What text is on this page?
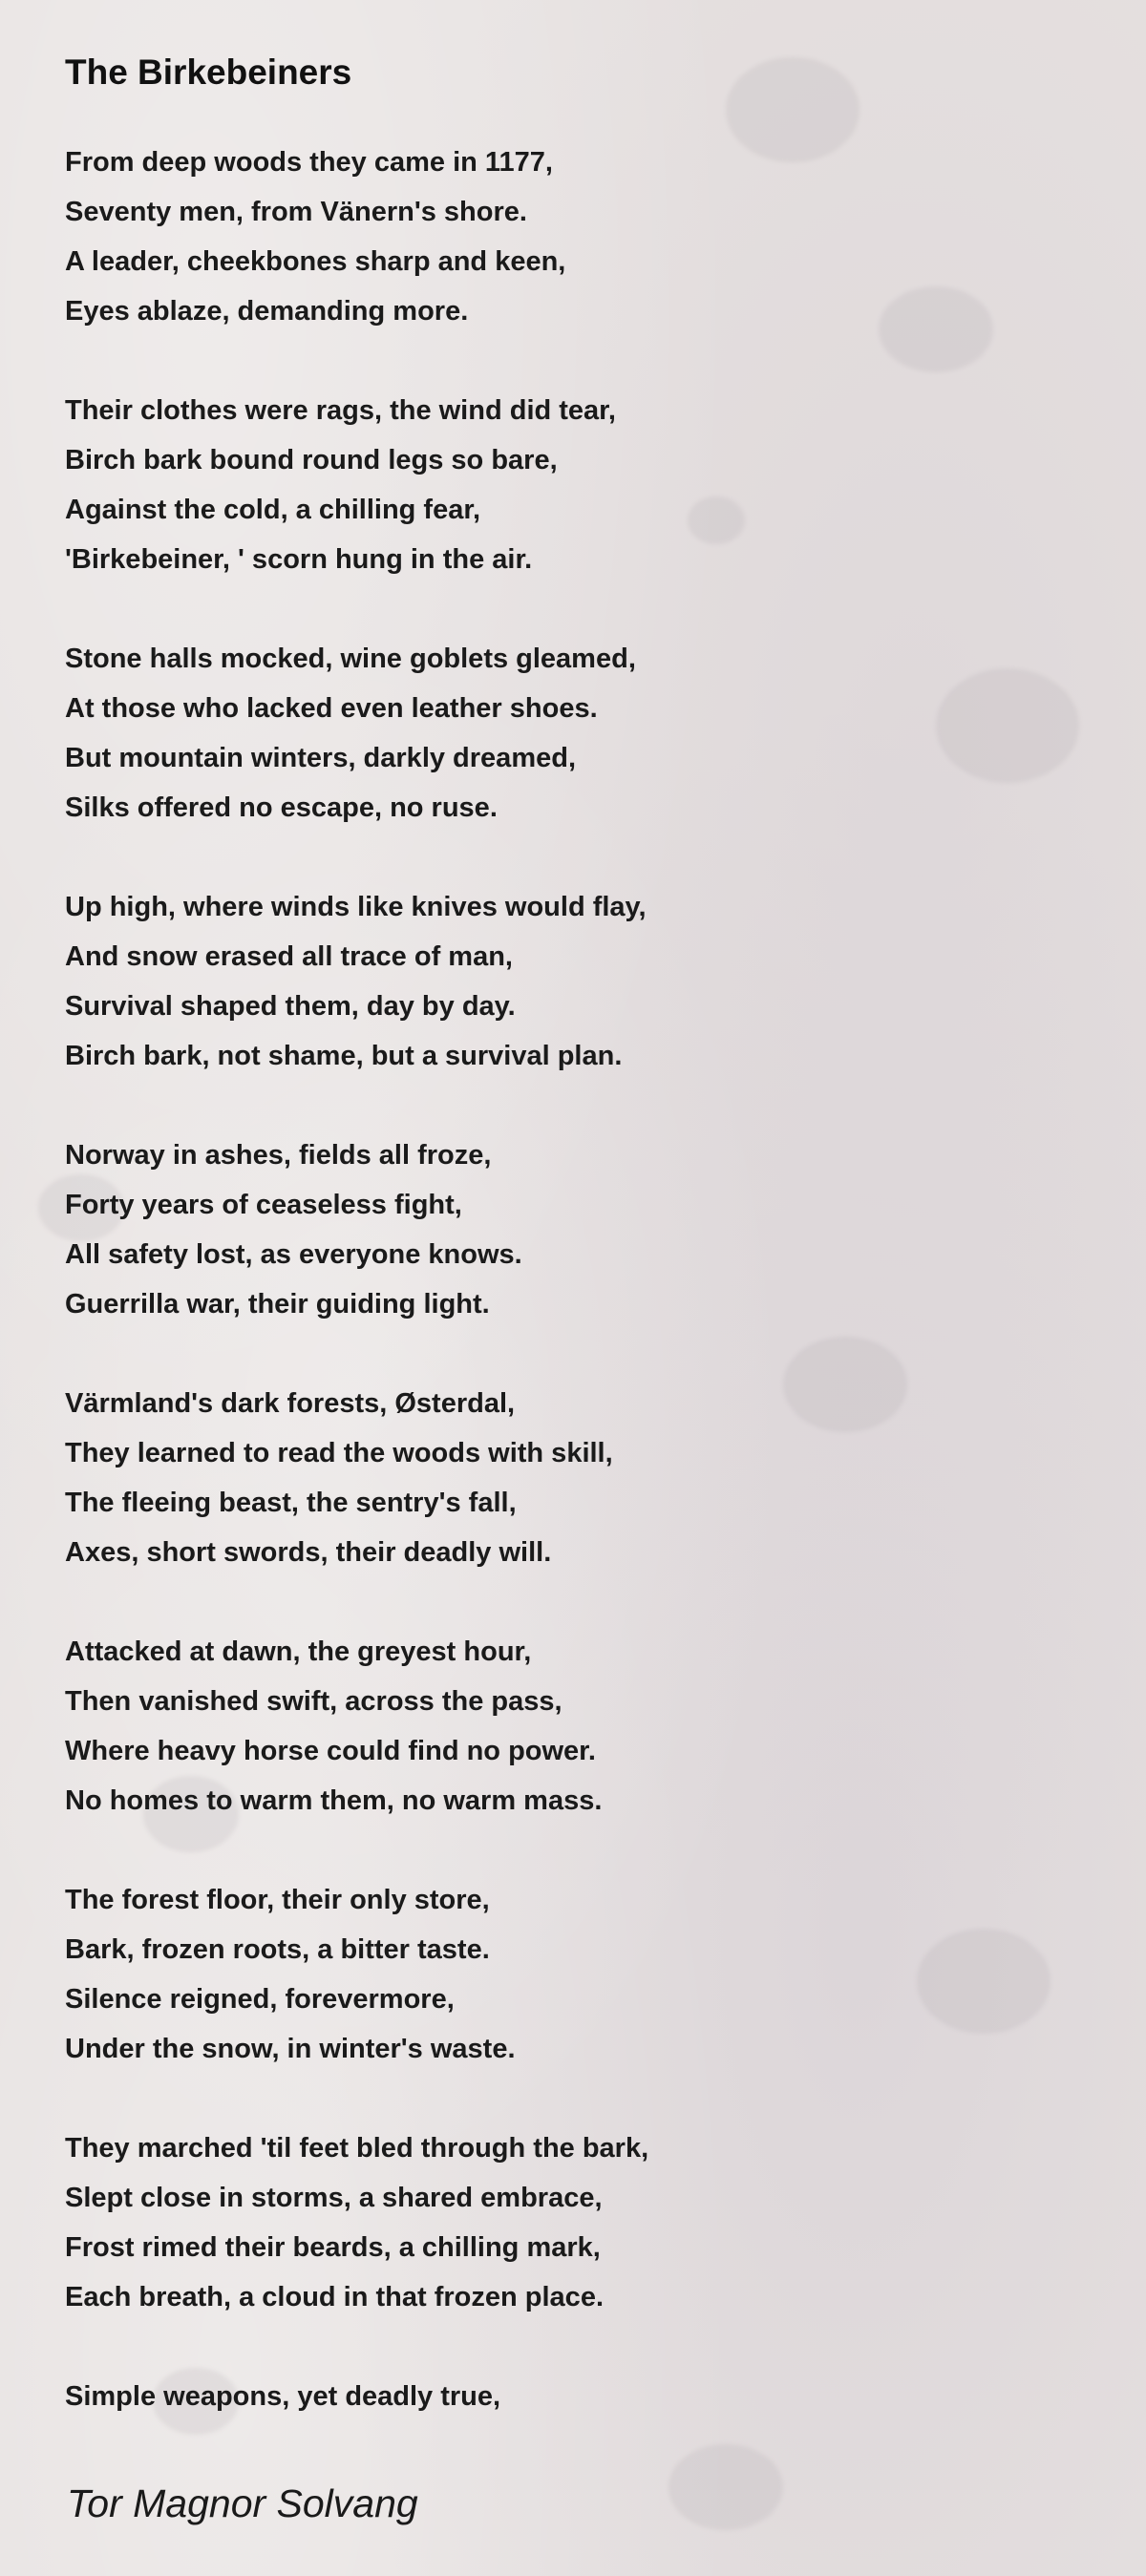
The Birkebeiners
From deep woods they came in 1177,
Seventy men, from Vänern's shore.
A leader, cheekbones sharp and keen,
Eyes ablaze, demanding more.
Their clothes were rags, the wind did tear,
Birch bark bound round legs so bare,
Against the cold, a chilling fear,
'Birkebeiner, ' scorn hung in the air.
Stone halls mocked, wine goblets gleamed,
At those who lacked even leather shoes.
But mountain winters, darkly dreamed,
Silks offered no escape, no ruse.
Up high, where winds like knives would flay,
And snow erased all trace of man,
Survival shaped them, day by day.
Birch bark, not shame, but a survival plan.
Norway in ashes, fields all froze,
Forty years of ceaseless fight,
All safety lost, as everyone knows.
Guerrilla war, their guiding light.
Värmland's dark forests, Østerdal,
They learned to read the woods with skill,
The fleeing beast, the sentry's fall,
Axes, short swords, their deadly will.
Attacked at dawn, the greyest hour,
Then vanished swift, across the pass,
Where heavy horse could find no power.
No homes to warm them, no warm mass.
The forest floor, their only store,
Bark, frozen roots, a bitter taste.
Silence reigned, forevermore,
Under the snow, in winter's waste.
They marched 'til feet bled through the bark,
Slept close in storms, a shared embrace,
Frost rimed their beards, a chilling mark,
Each breath, a cloud in that frozen place.
Simple weapons, yet deadly true,

Tor Magnor Solvang
